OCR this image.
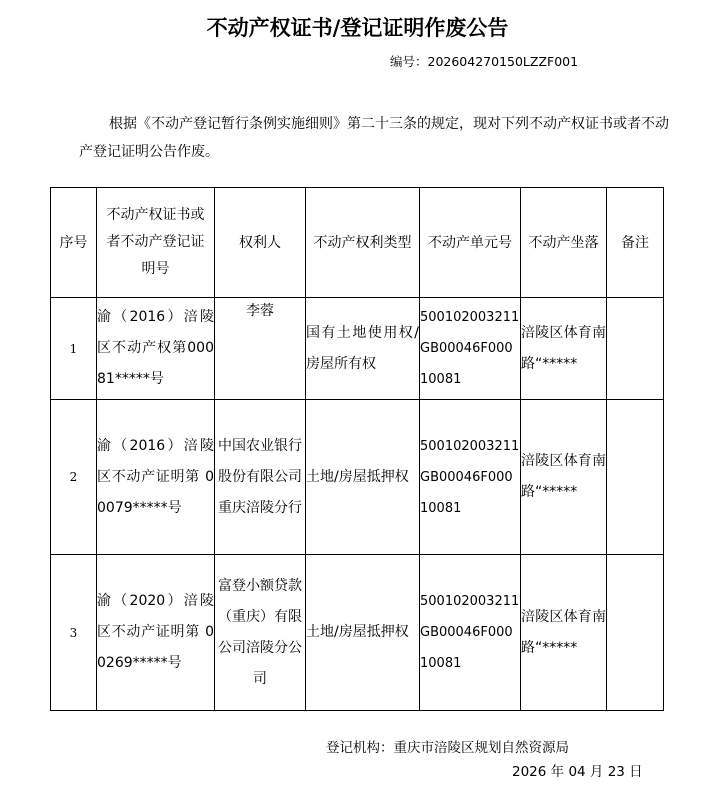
不动产权证书/登记证明作废公告
编号：202604270150LZZF001
根据《不动产登记暂行条例实施细则》第二十三条的规定，现对下列不动产权证书或者不动产登记证明公告作废。
序号	不动产权证书或者不动产登记证明号	权利人	不动产权利类型	不动产单元号	不动产坐落	备注
1	渝（2016）涪陵区不动产权第00081*****号	李蓉	国有土地使用权/房屋所有权	500102003211GB00046F00010081	涪陵区体育南路“*****	
2	渝（2016）涪陵区不动产证明第 00079*****号	中国农业银行股份有限公司重庆涪陵分行	土地/房屋抵押权	500102003211GB00046F00010081	涪陵区体育南路“*****	
3	渝（2020）涪陵区不动产证明第 00269*****号	富登小额贷款（重庆）有限公司涪陵分公司	土地/房屋抵押权	500102003211GB00046F00010081	涪陵区体育南路“*****	
登记机构：重庆市涪陵区规划自然资源局
2026 年 04 月 23 日
